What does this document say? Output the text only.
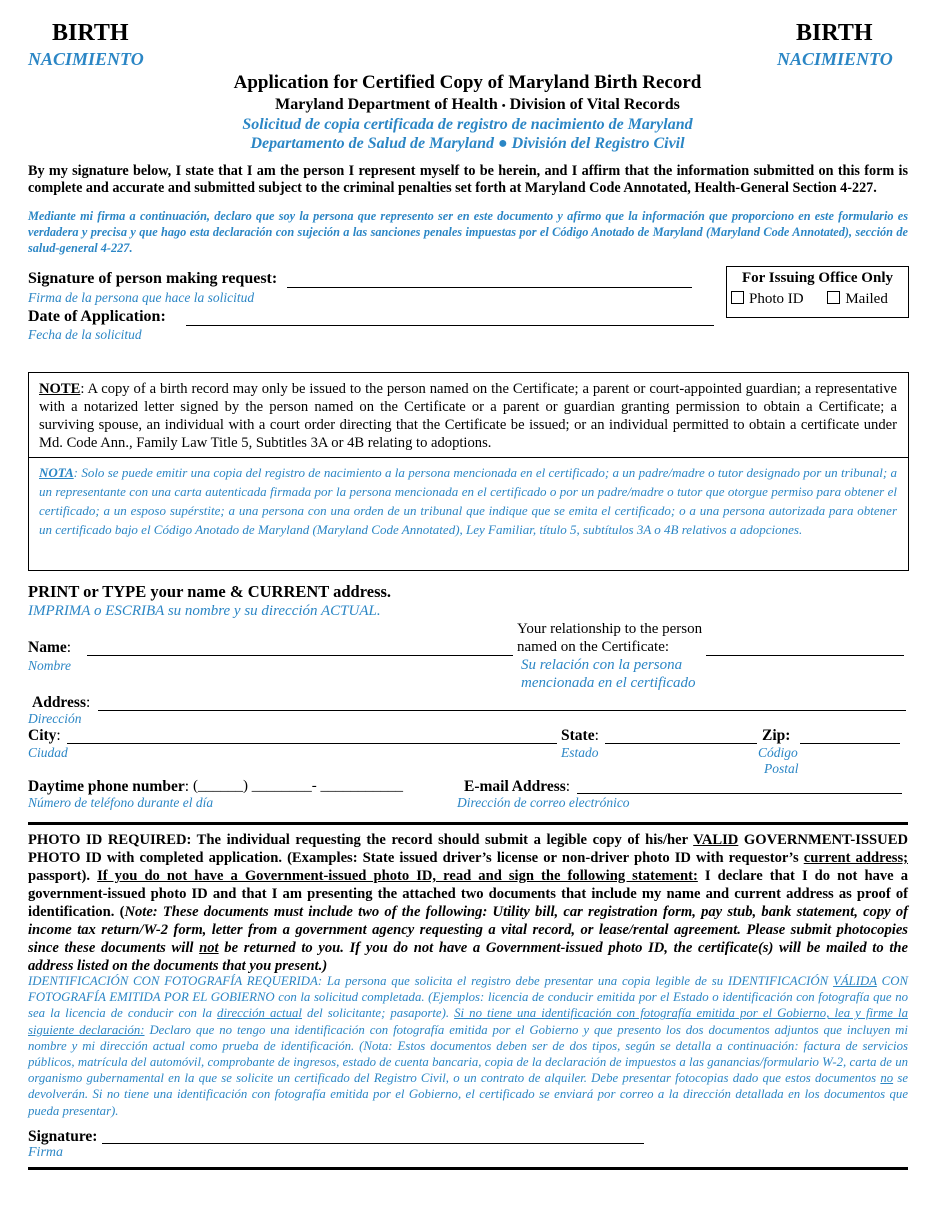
BIRTH
NACIMIENTO
BIRTH
NACIMIENTO
Application for Certified Copy of Maryland Birth Record
Maryland Department of Health • Division of Vital Records
Solicitud de copia certificada de registro de nacimiento de Maryland
Departamento de Salud de Maryland ● División del Registro Civil
By my signature below, I state that I am the person I represent myself to be herein, and I affirm that the information submitted on this form is complete and accurate and submitted subject to the criminal penalties set forth at Maryland Code Annotated, Health-General Section 4-227.
Mediante mi firma a continuación, declaro que soy la persona que represento ser en este documento y afirmo que la información que proporciono en este formulario es verdadera y precisa y que hago esta declaración con sujeción a las sanciones penales impuestas por el Código Anotado de Maryland (Maryland Code Annotated), sección de salud-general 4-227.
Signature of person making request:
Firma de la persona que hace la solicitud
Date of Application:
Fecha de la solicitud
For Issuing Office Only
Photo ID	Mailed
NOTE: A copy of a birth record may only be issued to the person named on the Certificate; a parent or court-appointed guardian; a representative with a notarized letter signed by the person named on the Certificate or a parent or guardian granting permission to obtain a Certificate; a surviving spouse, an individual with a court order directing that the Certificate be issued; or an individual permitted to obtain a certificate under Md. Code Ann., Family Law Title 5, Subtitles 3A or 4B relating to adoptions.
NOTA: Solo se puede emitir una copia del registro de nacimiento a la persona mencionada en el certificado; a un padre/madre o tutor designado por un tribunal; a un representante con una carta autenticada firmada por la persona mencionada en el certificado o por un padre/madre o tutor que otorgue permiso para obtener el certificado; a un esposo supérstite; a una persona con una orden de un tribunal que indique que se emita el certificado; o a una persona autorizada para obtener un certificado bajo el Código Anotado de Maryland (Maryland Code Annotated), Ley Familiar, título 5, subtítulos 3A o 4B relativos a adopciones.
PRINT or TYPE your name & CURRENT address.
IMPRIMA o ESCRIBA su nombre y su dirección ACTUAL.
Name:
Nombre
Your relationship to the person
named on the Certificate:
Su relación con la persona
mencionada en el certificado
Address:
Dirección
City:
Ciudad
State:
Estado
Zip:
Código
Postal
Daytime phone number: (______) ________- ___________
Número de teléfono durante el día
E-mail Address:
Dirección de correo electrónico
PHOTO ID REQUIRED: The individual requesting the record should submit a legible copy of his/her VALID GOVERNMENT-ISSUED PHOTO ID with completed application. (Examples: State issued driver’s license or non-driver photo ID with requestor’s current address; passport). If you do not have a Government-issued photo ID, read and sign the following statement: I declare that I do not have a government-issued photo ID and that I am presenting the attached two documents that include my name and current address as proof of identification. (Note: These documents must include two of the following: Utility bill, car registration form, pay stub, bank statement, copy of income tax return/W-2 form, letter from a government agency requesting a vital record, or lease/rental agreement. Please submit photocopies since these documents will not be returned to you. If you do not have a Government-issued photo ID, the certificate(s) will be mailed to the address listed on the documents that you present.)
IDENTIFICACIÓN CON FOTOGRAFÍA REQUERIDA: La persona que solicita el registro debe presentar una copia legible de su IDENTIFICACIÓN VÁLIDA CON FOTOGRAFÍA EMITIDA POR EL GOBIERNO con la solicitud completada. (Ejemplos: licencia de conducir emitida por el Estado o identificación con fotografía que no sea la licencia de conducir con la dirección actual del solicitante; pasaporte). Si no tiene una identificación con fotografía emitida por el Gobierno, lea y firme la siguiente declaración: Declaro que no tengo una identificación con fotografía emitida por el Gobierno y que presento los dos documentos adjuntos que incluyen mi nombre y mi dirección actual como prueba de identificación. (Nota: Estos documentos deben ser de dos tipos, según se detalla a continuación: factura de servicios públicos, matrícula del automóvil, comprobante de ingresos, estado de cuenta bancaria, copia de la declaración de impuestos a las ganancias/formulario W-2, carta de un organismo gubernamental en la que se solicite un certificado del Registro Civil, o un contrato de alquiler. Debe presentar fotocopias dado que estos documentos no se devolverán. Si no tiene una identificación con fotografía emitida por el Gobierno, el certificado se enviará por correo a la dirección detallada en los documentos que pueda presentar).
Signature:
Firma
